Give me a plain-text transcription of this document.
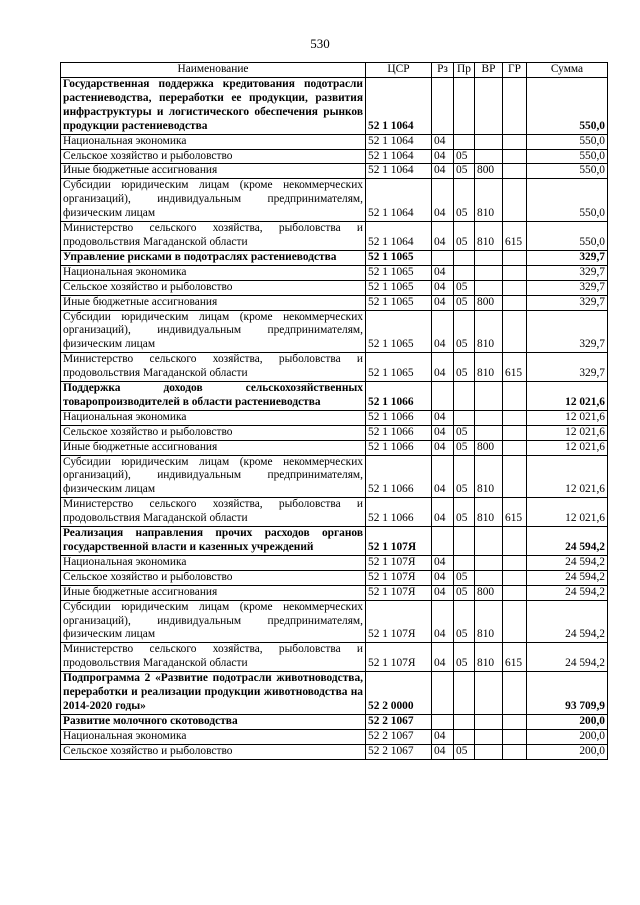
530
Наименование	ЦСР	Рз	Пр	ВР	ГР	Сумма
Государственная поддержка кредитования подотрасли растениеводства, переработки ее продукции, развития инфраструктуры и логистического обеспечения рынков продукции растениеводства	52 1 1064					550,0
Национальная экономика	52 1 1064	04				550,0
Сельское хозяйство и рыболовство	52 1 1064	04	05			550,0
Иные бюджетные ассигнования	52 1 1064	04	05	800		550,0
Субсидии юридическим лицам (кроме некоммерческих организаций), индивидуальным предпринимателям, физическим лицам	52 1 1064	04	05	810		550,0
Министерство сельского хозяйства, рыболовства и продовольствия Магаданской области	52 1 1064	04	05	810	615	550,0
Управление рисками в подотраслях растениеводства	52 1 1065					329,7
Национальная экономика	52 1 1065	04				329,7
Сельское хозяйство и рыболовство	52 1 1065	04	05			329,7
Иные бюджетные ассигнования	52 1 1065	04	05	800		329,7
Субсидии юридическим лицам (кроме некоммерческих организаций), индивидуальным предпринимателям, физическим лицам	52 1 1065	04	05	810		329,7
Министерство сельского хозяйства, рыболовства и продовольствия Магаданской области	52 1 1065	04	05	810	615	329,7
Поддержка доходов сельскохозяйственных товаропроизводителей в области растениеводства	52 1 1066					12 021,6
Национальная экономика	52 1 1066	04				12 021,6
Сельское хозяйство и рыболовство	52 1 1066	04	05			12 021,6
Иные бюджетные ассигнования	52 1 1066	04	05	800		12 021,6
Субсидии юридическим лицам (кроме некоммерческих организаций), индивидуальным предпринимателям, физическим лицам	52 1 1066	04	05	810		12 021,6
Министерство сельского хозяйства, рыболовства и продовольствия Магаданской области	52 1 1066	04	05	810	615	12 021,6
Реализация направления прочих расходов органов государственной власти и казенных учреждений	52 1 107Я					24 594,2
Национальная экономика	52 1 107Я	04				24 594,2
Сельское хозяйство и рыболовство	52 1 107Я	04	05			24 594,2
Иные бюджетные ассигнования	52 1 107Я	04	05	800		24 594,2
Субсидии юридическим лицам (кроме некоммерческих организаций), индивидуальным предпринимателям, физическим лицам	52 1 107Я	04	05	810		24 594,2
Министерство сельского хозяйства, рыболовства и продовольствия Магаданской области	52 1 107Я	04	05	810	615	24 594,2
Подпрограмма 2 «Развитие подотрасли животноводства, переработки и реализации продукции животноводства на 2014-2020 годы»	52 2 0000					93 709,9
Развитие молочного скотоводства	52 2 1067					200,0
Национальная экономика	52 2 1067	04				200,0
Сельское хозяйство и рыболовство	52 2 1067	04	05			200,0
